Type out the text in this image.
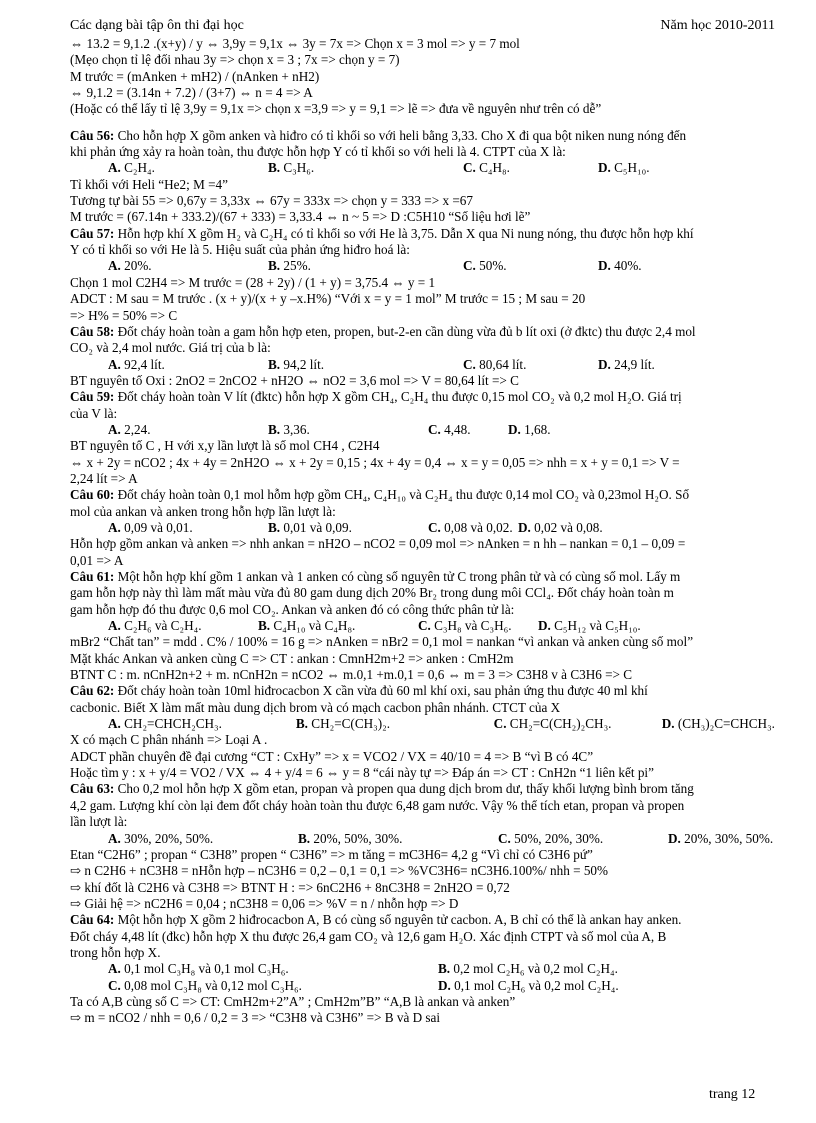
Các dạng bài tập ôn thi đại học	Năm học 2010-2011
⇔ 13.2 = 9,1.2 .(x+y) / y ⇔ 3,9y = 9,1x ⇔ 3y = 7x => Chọn x = 3 mol => y = 7 mol
(Mẹo chọn tỉ lệ đối nhau 3y => chọn x = 3 ; 7x => chọn y = 7)
M trước = (mAnken + mH2) / (nAnken + nH2)
⇔ 9,1.2 = (3.14n + 7.2) / (3+7) ⇔ n = 4 => A
(Hoặc có thể lấy tỉ lệ 3,9y = 9,1x => chọn x =3,9 => y = 9,1 => lẽ => đưa về nguyên như trên có dễ”
Câu 56: Cho hỗn hợp X gồm anken và hiđro có tỉ khối so với heli bằng 3,33. Cho X đi qua bột niken nung nóng đến
khi phản ứng xảy ra hoàn toàn, thu được hỗn hợp Y có tỉ khối so với heli là 4. CTPT của X là:
A. C₂H₄.	B. C₃H₆.	C. C₄H₈.	D. C₅H₁₀.
Tỉ khối với Heli “He2; M =4”
Tương tự bài 55 => 0,67y = 3,33x ⇔ 67y = 333x => chọn y = 333 => x =67
M trước = (67.14n + 333.2)/(67 + 333) = 3,33.4 ⇔ n ~ 5 => D :C5H10 “Số liệu hơi lẽ”
Câu 57: Hỗn hợp khí X gồm H₂ và C₂H₄ có tỉ khối so với He là 3,75. Dẫn X qua Ni nung nóng, thu được hỗn hợp khí
Y có tỉ khối so với He là 5. Hiệu suất của phản ứng hiđro hoá là:
A. 20%.	B. 25%.	C. 50%.	D. 40%.
Chọn 1 mol C2H4 => M trước = (28 + 2y) / (1 + y) = 3,75.4 ⇔ y = 1
ADCT : M sau = M trước . (x + y)/(x + y –x.H%) “Với x = y = 1 mol” M trước = 15 ; M sau = 20
=> H% = 50% => C
Câu 58: Đốt cháy hoàn toàn a gam hỗn hợp eten, propen, but-2-en cần dùng vừa đủ b lít oxi (ở đktc) thu được 2,4 mol
CO₂ và 2,4 mol nước. Giá trị của b là:
A. 92,4 lít.	B. 94,2 lít.	C. 80,64 lít.	D. 24,9 lít.
BT nguyên tố Oxi : 2nO2 = 2nCO2 + nH2O ⇔ nO2 = 3,6 mol => V = 80,64 lít => C
Câu 59: Đốt cháy hoàn toàn V lít (đktc) hỗn hợp X gồm CH₄, C₂H₄ thu được 0,15 mol CO₂ và 0,2 mol H₂O. Giá trị
của V là:
A. 2,24.	B. 3,36.	C. 4,48.	D. 1,68.
BT nguyên tố C , H với x,y lần lượt là số mol CH4 , C2H4
⇔ x + 2y = nCO2 ; 4x + 4y = 2nH2O ⇔ x + 2y = 0,15 ; 4x + 4y = 0,4 ⇔ x = y = 0,05 => nhh = x + y = 0,1 => V =
2,24 lít => A
Câu 60: Đốt cháy hoàn toàn 0,1 mol hỗm hợp gồm CH₄, C₄H₁₀ và C₂H₄ thu được 0,14 mol CO₂ và 0,23mol H₂O. Số
mol của ankan và anken trong hỗn hợp lần lượt là:
A. 0,09 và 0,01.	B. 0,01 và 0,09.	C. 0,08 và 0,02. D. 0,02 và 0,08.
Hỗn hợp gồm ankan và anken => nhh ankan = nH2O – nCO2 = 0,09 mol => nAnken = n hh – nankan = 0,1 – 0,09 =
0,01 => A
Câu 61: Một hỗn hợp khí gồm 1 ankan và 1 anken có cùng số nguyên tử C trong phân tử và có cùng số mol. Lấy m
gam hỗn hợp này thì làm mất màu vừa đủ 80 gam dung dịch 20% Br₂ trong dung môi CCl₄. Đốt cháy hoàn toàn m
gam hỗn hợp đó thu được 0,6 mol CO₂. Ankan và anken đó có công thức phân tử là:
A. C₂H₆ và C₂H₄.	B. C₄H₁₀ và C₄H₈.	C. C₃H₈ và C₃H₆.	D. C₅H₁₂ và C₅H₁₀.
mBr2 “Chất tan” = mdd . C% / 100% = 16 g => nAnken = nBr2 = 0,1 mol = nankan “vì ankan và anken cùng số mol”
Mặt khác Ankan và anken cùng C => CT : ankan : CmnH2m+2 => anken : CmH2m
BTNT C : m. nCnH2n+2 + m. nCnH2n = nCO2 ⇔ m.0,1 +m.0,1 = 0,6 ⇔ m = 3 => C3H8 v à C3H6 => C
Câu 62: Đốt cháy hoàn toàn 10ml hiđrocacbon X cần vừa đủ 60 ml khí oxi, sau phản ứng thu được 40 ml khí
cacbonic. Biết X làm mất màu dung dịch brom và có mạch cacbon phân nhánh. CTCT của X
A. CH₂=CHCH₂CH₃.	B. CH₂=C(CH₃)₂.	C. CH₂=C(CH₂)₂CH₃.	D. (CH₃)₂C=CHCH₃.
X có mạch C phân nhánh => Loại A .
ADCT phần chuyên đề đại cương “CT : CxHy” => x = VCO2 / VX = 40/10 = 4 => B “vì B có 4C”
Hoặc tìm y : x + y/4 = VO2 / VX ⇔ 4 + y/4 = 6 ⇔ y = 8 “cái này tự => Đáp án => CT : CnH2n “1 liên kết pi”
Câu 63: Cho 0,2 mol hỗn hợp X gồm etan, propan và propen qua dung dịch brom dư, thấy khối lượng bình brom tăng
4,2 gam. Lượng khí còn lại đem đốt cháy hoàn toàn thu được 6,48 gam nước. Vậy % thể tích etan, propan và propen
lần lượt là:
A. 30%, 20%, 50%.	B. 20%, 50%, 30%.	C. 50%, 20%, 30%.	D. 20%, 30%, 50%.
Etan “C2H6” ; propan “ C3H8” propen “ C3H6” => m tăng = mC3H6= 4,2 g “Vì chỉ có C3H6 pứ”
⇨ n C2H6 + nC3H8 = nHỗn hợp – nC3H6 = 0,2 – 0,1 = 0,1 => %VC3H6= nC3H6.100%/ nhh = 50%
⇨ khí đốt là C2H6 và C3H8 => BTNT H : => 6nC2H6 + 8nC3H8 = 2nH2O = 0,72
⇨ Giải hệ => nC2H6 = 0,04 ; nC3H8 = 0,06 => %V = n / nhỗn hợp => D
Câu 64: Một hỗn hợp X gồm 2 hiđrocacbon A, B có cùng số nguyên tử cacbon. A, B chỉ có thể là ankan hay anken.
Đốt cháy 4,48 lít (đkc) hỗn hợp X thu được 26,4 gam CO₂ và 12,6 gam H₂O. Xác định CTPT và số mol của A, B
trong hỗn hợp X.
A. 0,1 mol C₃H₈ và 0,1 mol C₃H₆.	B. 0,2 mol C₂H₆ và 0,2 mol C₂H₄.
C. 0,08 mol C₃H₈ và 0,12 mol C₃H₆.	D. 0,1 mol C₂H₆ và 0,2 mol C₂H₄.
Ta có A,B cùng số C => CT: CmH2m+2”A” ; CmH2m”B” “A,B là ankan và anken”
⇨ m = nCO2 / nhh = 0,6 / 0,2 = 3 => “C3H8 và C3H6” => B và D sai
trang 12
